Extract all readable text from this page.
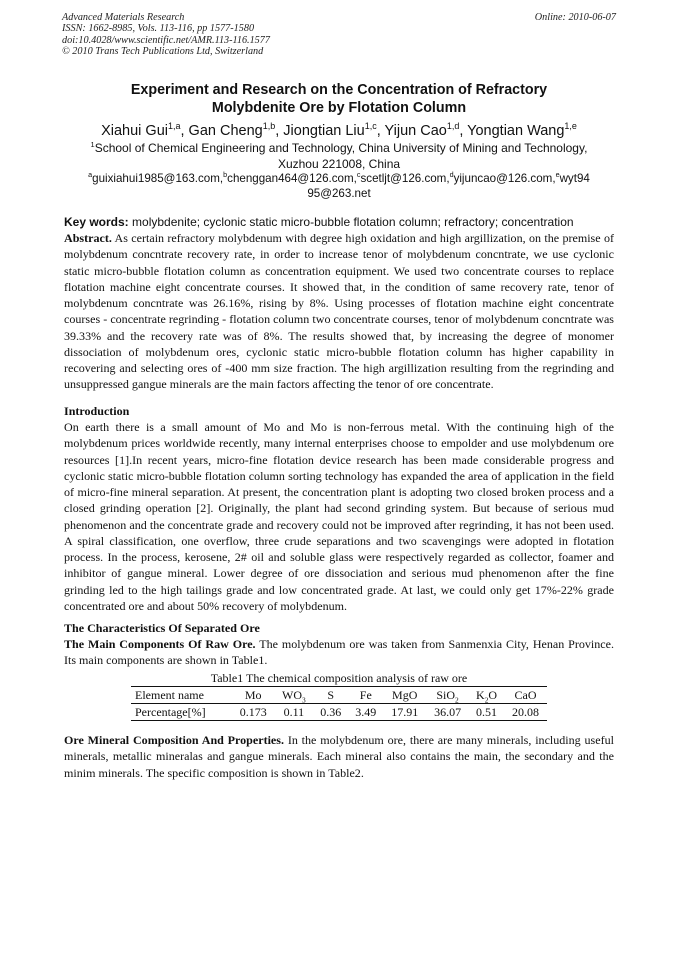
Advanced Materials Research
ISSN: 1662-8985, Vols. 113-116, pp 1577-1580
doi:10.4028/www.scientific.net/AMR.113-116.1577
© 2010 Trans Tech Publications Ltd, Switzerland
Online: 2010-06-07
Experiment and Research on the Concentration of Refractory
Molybdenite Ore by Flotation Column
Xiahui Gui$^{1,a}$, Gan Cheng$^{1,b}$, Jiongtian Liu$^{1,c}$, Yijun Cao$^{1,d}$, Yongtian Wang$^{1,e}$
$^1$School of Chemical Engineering and Technology, China University of Mining and Technology,
Xuzhou 221008, China
$^a$guixiahui1985@163.com,$^b$chenggan464@126.com,$^c$scetljt@126.com,$^d$yijuncao@126.com,$^e$wyt94
95@263.net
Key words: molybdenite; cyclonic static micro-bubble flotation column; refractory; concentration
Abstract. As certain refractory molybdenum with degree high oxidation and high argillization, on the premise of molybdenum concntrate recovery rate, in order to increase tenor of molybdenum concntrate, we use cyclonic static micro-bubble flotation column as concentration equipment. We used two concentrate courses to replace flotation machine eight concentrate courses. It showed that, in the condition of same recovery rate, tenor of molybdenum concntrate was 26.16%, rising by 8%. Using processes of flotation machine eight concentrate courses - concentrate regrinding - flotation column two concentrate courses, tenor of molybdenum concntrate was 39.33% and the recovery rate was of 8%. The results showed that, by increasing the degree of monomer dissociation of molybdenum ores, cyclonic static micro-bubble flotation column has higher capability in recovering and selecting ores of -400 mm size fraction. The high argillization resulting from the regrinding and unsuppressed gangue minerals are the main factors affecting the tenor of ore concentrate.
Introduction
On earth there is a small amount of Mo and Mo is non-ferrous metal. With the continuing high of the molybdenum prices worldwide recently, many internal enterprises choose to empolder and use molybdenum ore resources [1].In recent years, micro-fine flotation device research has been made considerable progress and cyclonic static micro-bubble flotation column sorting technology has expanded the area of application in the field of micro-fine mineral separation. At present, the concentration plant is adopting two closed broken process and a closed grinding operation [2]. Originally, the plant had second grinding system. But because of serious mud phenomenon and the concentrate grade and recovery could not be improved after regrinding, it has not been used. A spiral classification, one overflow, three crude separations and two scavengings were adopted in flotation process. In the process, kerosene, 2# oil and soluble glass were respectively regarded as collector, foamer and inhibitor of gangue mineral. Lower degree of ore dissociation and serious mud phenomenon after the fine grinding led to the high tailings grade and low concentrated grade. At last, we could only get 17%-22% grade concentrated ore and about 50% recovery of molybdenum.
The Characteristics Of Separated Ore
The Main Components Of Raw Ore. The molybdenum ore was taken from Sanmenxia City, Henan Province. Its main components are shown in Table1.
Table1 The chemical composition analysis of raw ore
Element name	Mo	$WO_3$	S	Fe	MgO	SiO$_2$	$K_2O$	CaO
Percentage[%]	0.173	0.11	0.36	3.49	17.91	36.07	0.51	20.08
Ore Mineral Composition And Properties. In the molybdenum ore, there are many minerals, including useful minerals, metallic mineralas and gangue minerals. Each mineral also contains the main, the secondary and the minim minerals. The specific composition is shown in Table2.
